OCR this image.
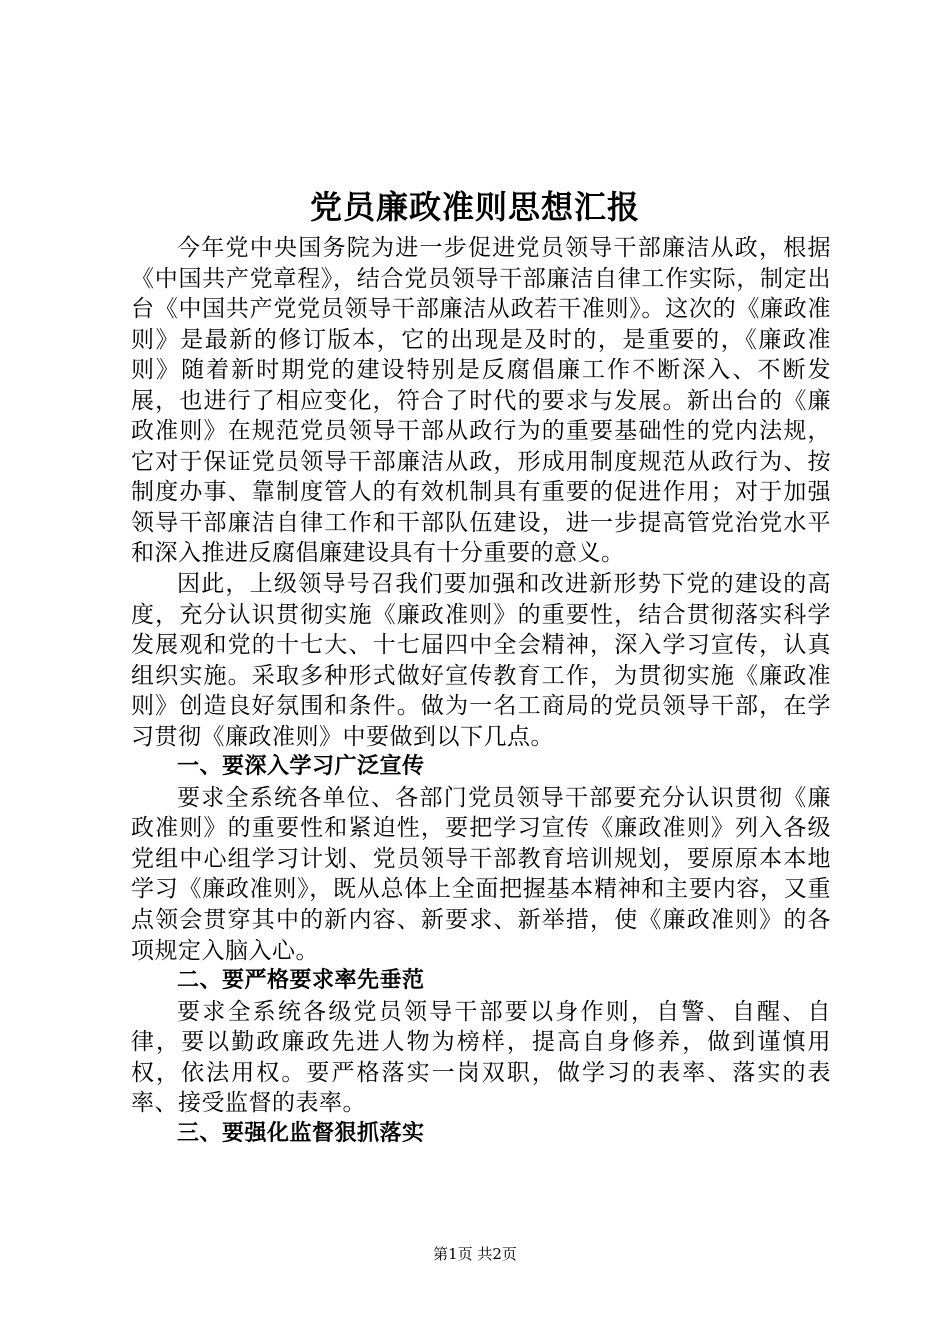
党员廉政准则思想汇报

今年党中央国务院为进一步促进党员领导干部廉洁从政，根据《中国共产党章程》，结合党员领导干部廉洁自律工作实际，制定出台《中国共产党党员领导干部廉洁从政若干准则》。这次的《廉政准则》是最新的修订版本，它的出现是及时的，是重要的，《廉政准则》随着新时期党的建设特别是反腐倡廉工作不断深入、不断发展，也进行了相应变化，符合了时代的要求与发展。新出台的《廉政准则》在规范党员领导干部从政行为的重要基础性的党内法规，它对于保证党员领导干部廉洁从政，形成用制度规范从政行为、按制度办事、靠制度管人的有效机制具有重要的促进作用；对于加强领导干部廉洁自律工作和干部队伍建设，进一步提高管党治党水平和深入推进反腐倡廉建设具有十分重要的意义。

因此，上级领导号召我们要加强和改进新形势下党的建设的高度，充分认识贯彻实施《廉政准则》的重要性，结合贯彻落实科学发展观和党的十七大、十七届四中全会精神，深入学习宣传，认真组织实施。采取多种形式做好宣传教育工作，为贯彻实施《廉政准则》创造良好氛围和条件。做为一名工商局的党员领导干部，在学习贯彻《廉政准则》中要做到以下几点。

一、要深入学习广泛宣传

要求全系统各单位、各部门党员领导干部要充分认识贯彻《廉政准则》的重要性和紧迫性，要把学习宣传《廉政准则》列入各级党组中心组学习计划、党员领导干部教育培训规划，要原原本本地学习《廉政准则》，既从总体上全面把握基本精神和主要内容，又重点领会贯穿其中的新内容、新要求、新举措，使《廉政准则》的各项规定入脑入心。

二、要严格要求率先垂范

要求全系统各级党员领导干部要以身作则，自警、自醒、自律，要以勤政廉政先进人物为榜样，提高自身修养，做到谨慎用权，依法用权。要严格落实一岗双职，做学习的表率、落实的表率、接受监督的表率。

三、要强化监督狠抓落实

第1页 共2页
